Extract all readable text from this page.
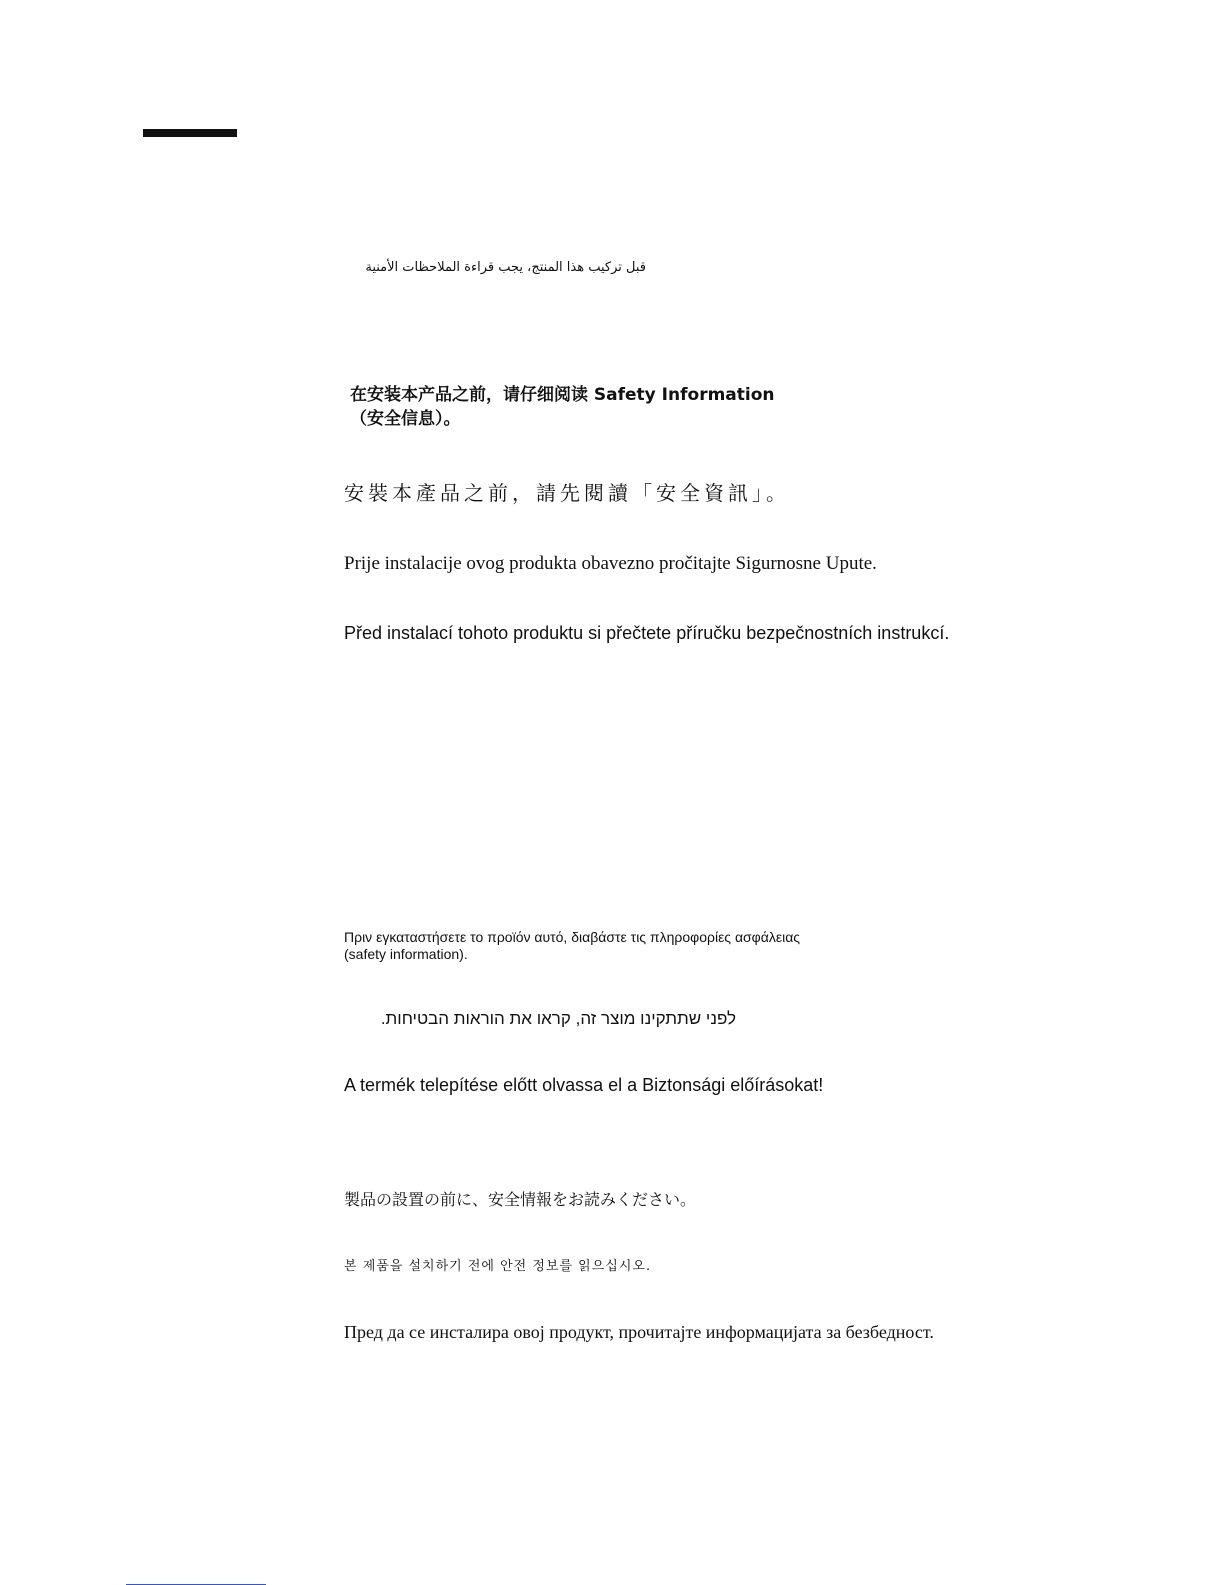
قبل تركيب هذا المنتج، يجب قراءة الملاحظات الأمنية

在安装本产品之前，请仔细阅读 Safety Information
（安全信息）。

安裝本產品之前，請先閱讀「安全資訊」。

Prije instalacije ovog produkta obavezno pročitajte Sigurnosne Upute.

Před instalací tohoto produktu si přečtete příručku bezpečnostních instrukcí.

Πριν εγκαταστήσετε το προϊόν αυτό, διαβάστε τις πληροφορίες ασφάλειας
(safety information).

לפני שתתקינו מוצר זה, קראו את הוראות הבטיחות.

A termék telepítése előtt olvassa el a Biztonsági előírásokat!

製品の設置の前に、安全情報をお読みください。

본 제품을 설치하기 전에 안전 정보를 읽으십시오.

Пред да се инсталира овој продукт, прочитајте информацијата за безбедност.
